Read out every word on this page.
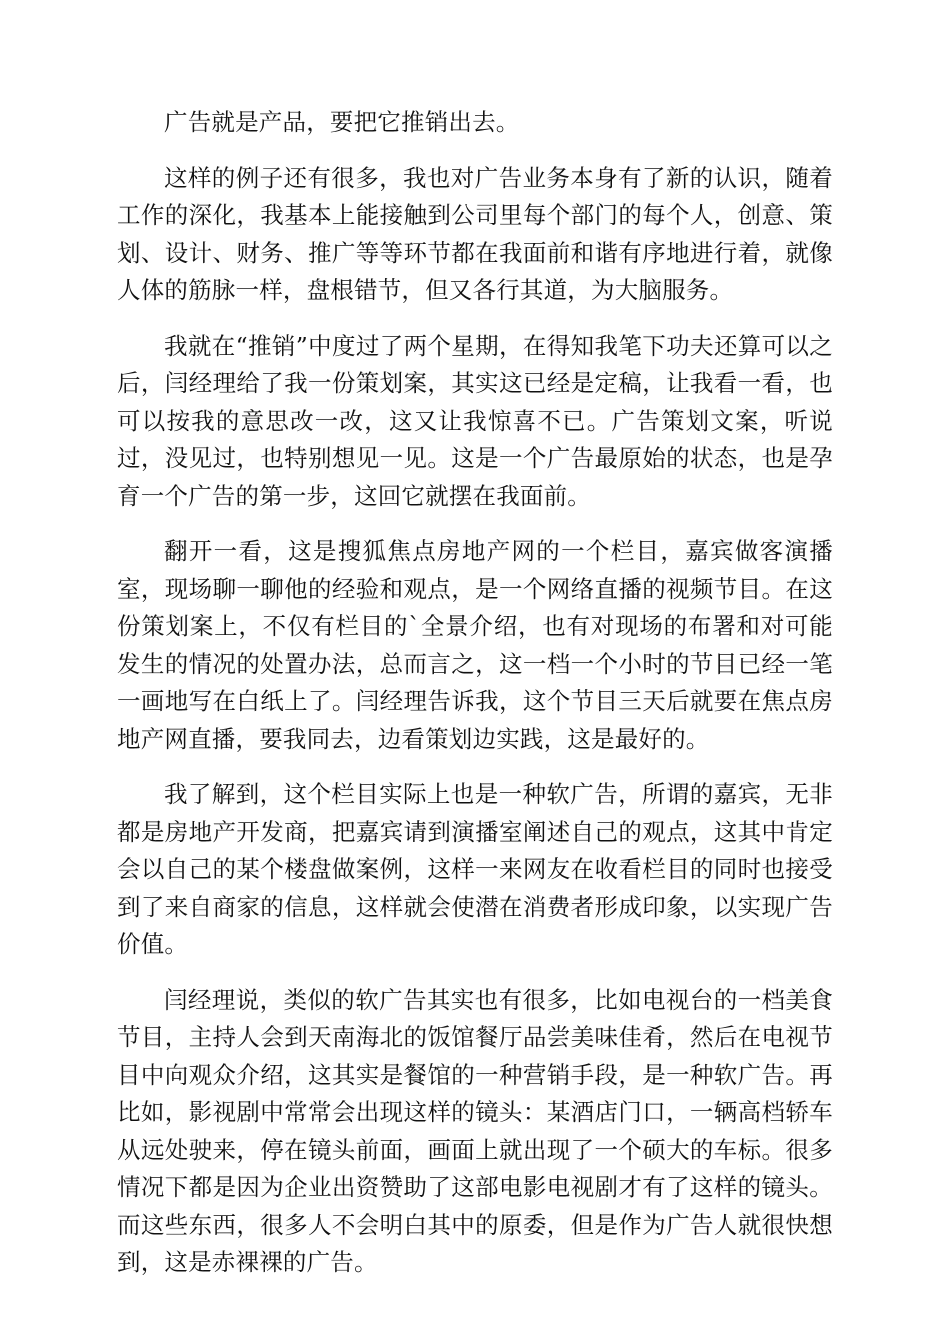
广告就是产品，要把它推销出去。

这样的例子还有很多，我也对广告业务本身有了新的认识，随着工作的深化，我基本上能接触到公司里每个部门的每个人，创意、策划、设计、财务、推广等等环节都在我面前和谐有序地进行着，就像人体的筋脉一样，盘根错节，但又各行其道，为大脑服务。

我就在“推销”中度过了两个星期，在得知我笔下功夫还算可以之后，闫经理给了我一份策划案，其实这已经是定稿，让我看一看，也可以按我的意思改一改，这又让我惊喜不已。广告策划文案，听说过，没见过，也特别想见一见。这是一个广告最原始的状态，也是孕育一个广告的第一步，这回它就摆在我面前。

翻开一看，这是搜狐焦点房地产网的一个栏目，嘉宾做客演播室，现场聊一聊他的经验和观点，是一个网络直播的视频节目。在这份策划案上，不仅有栏目的`全景介绍，也有对现场的布署和对可能发生的情况的处置办法，总而言之，这一档一个小时的节目已经一笔一画地写在白纸上了。闫经理告诉我，这个节目三天后就要在焦点房地产网直播，要我同去，边看策划边实践，这是最好的。

我了解到，这个栏目实际上也是一种软广告，所谓的嘉宾，无非都是房地产开发商，把嘉宾请到演播室阐述自己的观点，这其中肯定会以自己的某个楼盘做案例，这样一来网友在收看栏目的同时也接受到了来自商家的信息，这样就会使潜在消费者形成印象，以实现广告价值。

闫经理说，类似的软广告其实也有很多，比如电视台的一档美食节目，主持人会到天南海北的饭馆餐厅品尝美味佳肴，然后在电视节目中向观众介绍，这其实是餐馆的一种营销手段，是一种软广告。再比如，影视剧中常常会出现这样的镜头：某酒店门口，一辆高档轿车从远处驶来，停在镜头前面，画面上就出现了一个硕大的车标。很多情况下都是因为企业出资赞助了这部电影电视剧才有了这样的镜头。而这些东西，很多人不会明白其中的原委，但是作为广告人就很快想到，这是赤裸裸的广告。
